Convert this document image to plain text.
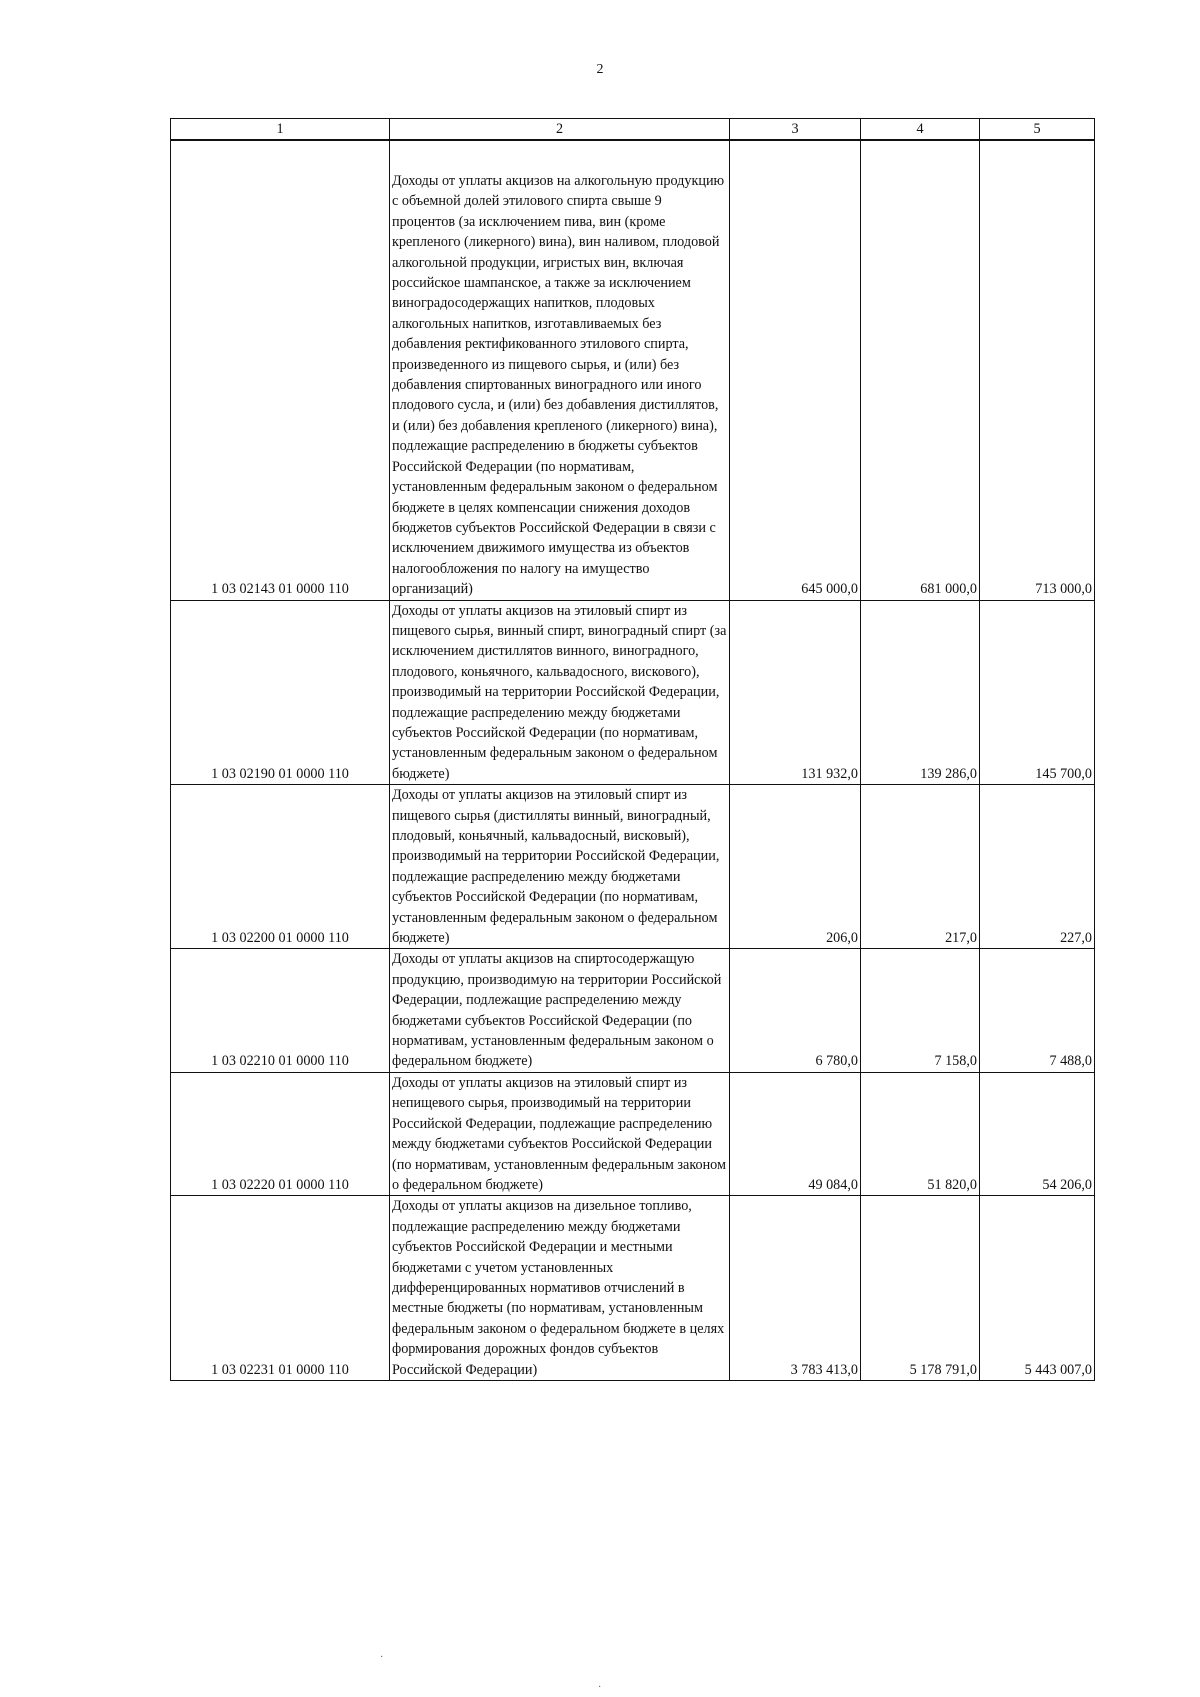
2
1	2	3	4	5
1 03 02143 01 0000 110	Доходы от уплаты акцизов на алкогольную продукцию с объемной долей этилового спирта свыше 9 процентов (за исключением пива, вин (кроме крепленого (ликерного) вина), вин наливом, плодовой алкогольной продукции, игристых вин, включая российское шампанское, а также за исключением виноградосодержащих напитков, плодовых алкогольных напитков, изготавливаемых без добавления ректификованного этилового спирта, произведенного из пищевого сырья, и (или) без добавления спиртованных виноградного или иного плодового сусла, и (или) без добавления дистиллятов, и (или) без добавления крепленого (ликерного) вина), подлежащие распределению в бюджеты субъектов Российской Федерации (по нормативам, установленным федеральным законом о федеральном бюджете в целях компенсации снижения доходов бюджетов субъектов Российской Федерации в связи с исключением движимого имущества из объектов налогообложения по налогу на имущество организаций)	645 000,0	681 000,0	713 000,0
1 03 02190 01 0000 110	Доходы от уплаты акцизов на этиловый спирт из пищевого сырья, винный спирт, виноградный спирт (за исключением дистиллятов винного, виноградного, плодового, коньячного, кальвадосного, вискового), производимый на территории Российской Федерации, подлежащие распределению между бюджетами субъектов Российской Федерации (по нормативам, установленным федеральным законом о федеральном бюджете)	131 932,0	139 286,0	145 700,0
1 03 02200 01 0000 110	Доходы от уплаты акцизов на этиловый спирт из пищевого сырья (дистилляты винный, виноградный, плодовый, коньячный, кальвадосный, висковый), производимый на территории Российской Федерации, подлежащие распределению между бюджетами субъектов Российской Федерации (по нормативам, установленным федеральным законом о федеральном бюджете)	206,0	217,0	227,0
1 03 02210 01 0000 110	Доходы от уплаты акцизов на спиртосодержащую продукцию, производимую на территории Российской Федерации, подлежащие распределению между бюджетами субъектов Российской Федерации (по нормативам, установленным федеральным законом о федеральном бюджете)	6 780,0	7 158,0	7 488,0
1 03 02220 01 0000 110	Доходы от уплаты акцизов на этиловый спирт из непищевого сырья, производимый на территории Российской Федерации, подлежащие распределению между бюджетами субъектов Российской Федерации (по нормативам, установленным федеральным законом о федеральном бюджете)	49 084,0	51 820,0	54 206,0
1 03 02231 01 0000 110	Доходы от уплаты акцизов на дизельное топливо, подлежащие распределению между бюджетами субъектов Российской Федерации и местными бюджетами с учетом установленных дифференцированных нормативов отчислений в местные бюджеты (по нормативам, установленным федеральным законом о федеральном бюджете в целях формирования дорожных фондов субъектов Российской Федерации)	3 783 413,0	5 178 791,0	5 443 007,0
·
·
